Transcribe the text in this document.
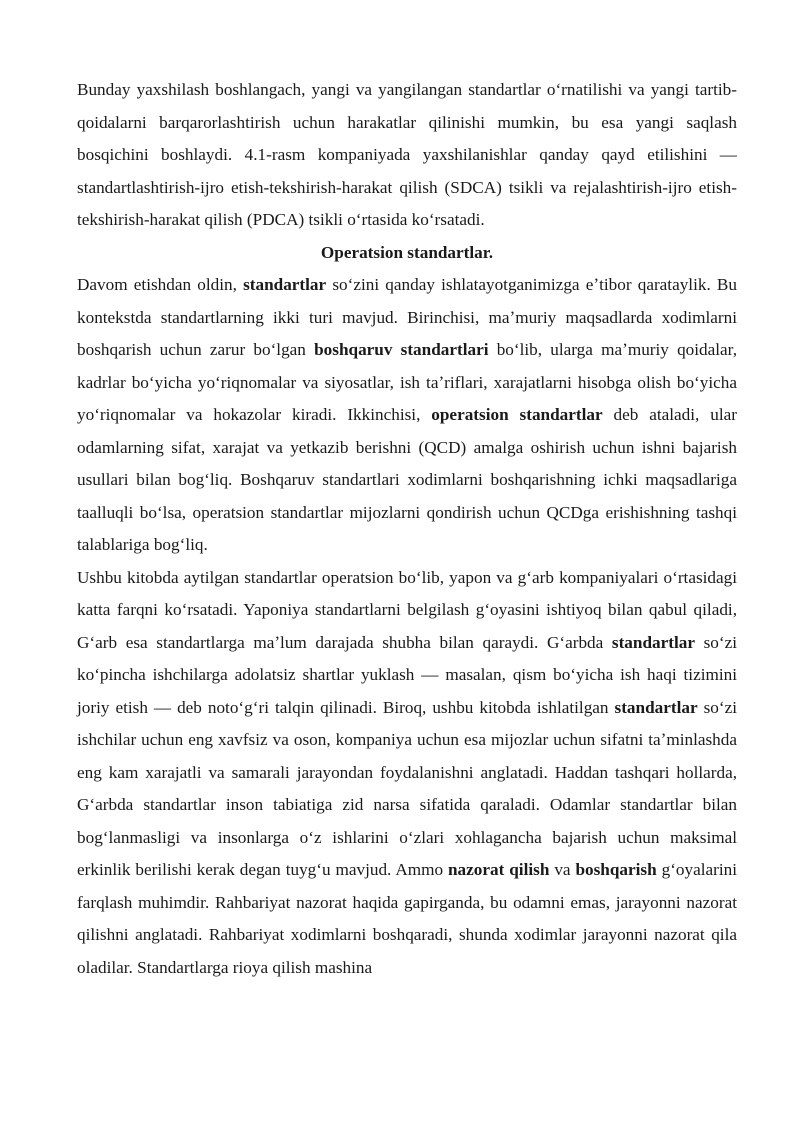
Bunday yaxshilash boshlangach, yangi va yangilangan standartlar oʻrnatilishi va yangi tartib-qoidalarni barqarorlashtirish uchun harakatlar qilinishi mumkin, bu esa yangi saqlash bosqichini boshlaydi. 4.1-rasm kompaniyada yaxshilanishlar qanday qayd etilishini — standartlashtirish-ijro etish-tekshirish-harakat qilish (SDCA) tsikli va rejalashtirish-ijro etish-tekshirish-harakat qilish (PDCA) tsikli oʻrtasida koʻrsatadi.

Operatsion standartlar.

Davom etishdan oldin, standartlar soʻzini qanday ishlatayotganimizga eʼtibor qarataylik. Bu kontekstda standartlarning ikki turi mavjud. Birinchisi, maʼmuriy maqsadlarda xodimlarni boshqarish uchun zarur boʻlgan boshqaruv standartlari boʻlib, ularga maʼmuriy qoidalar, kadrlar boʻyicha yoʻriqnomalar va siyosatlar, ish taʼriflari, xarajatlarni hisobga olish boʻyicha yoʻriqnomalar va hokazolar kiradi. Ikkinchisi, operatsion standartlar deb ataladi, ular odamlarning sifat, xarajat va yetkazib berishni (QCD) amalga oshirish uchun ishni bajarish usullari bilan bogʻliq. Boshqaruv standartlari xodimlarni boshqarishning ichki maqsadlariga taalluqli boʻlsa, operatsion standartlar mijozlarni qondirish uchun QCDga erishishning tashqi talablariga bogʻliq.

Ushbu kitobda aytilgan standartlar operatsion boʻlib, yapon va gʻarb kompaniyalari oʻrtasidagi katta farqni koʻrsatadi. Yaponiya standartlarni belgilash gʻoyasini ishtiyoq bilan qabul qiladi, Gʻarb esa standartlarga maʼlum darajada shubha bilan qaraydi. Gʻarbda standartlar soʻzi koʻpincha ishchilarga adolatsiz shartlar yuklash — masalan, qism boʻyicha ish haqi tizimini joriy etish — deb notoʻgʻri talqin qilinadi. Biroq, ushbu kitobda ishlatilgan standartlar soʻzi ishchilar uchun eng xavfsiz va oson, kompaniya uchun esa mijozlar uchun sifatni taʼminlashda eng kam xarajatli va samarali jarayondan foydalanishni anglatadi. Haddan tashqari hollarda, Gʻarbda standartlar inson tabiatiga zid narsa sifatida qaraladi. Odamlar standartlar bilan bogʻlanmasligi va insonlarga oʻz ishlarini oʻzlari xohlagancha bajarish uchun maksimal erkinlik berilishi kerak degan tuygʻu mavjud. Ammo nazorat qilish va boshqarish gʻoyalarini farqlash muhimdir. Rahbariyat nazorat haqida gapirganda, bu odamni emas, jarayonni nazorat qilishni anglatadi. Rahbariyat xodimlarni boshqaradi, shunda xodimlar jarayonni nazorat qila oladilar. Standartlarga rioya qilish mashina
